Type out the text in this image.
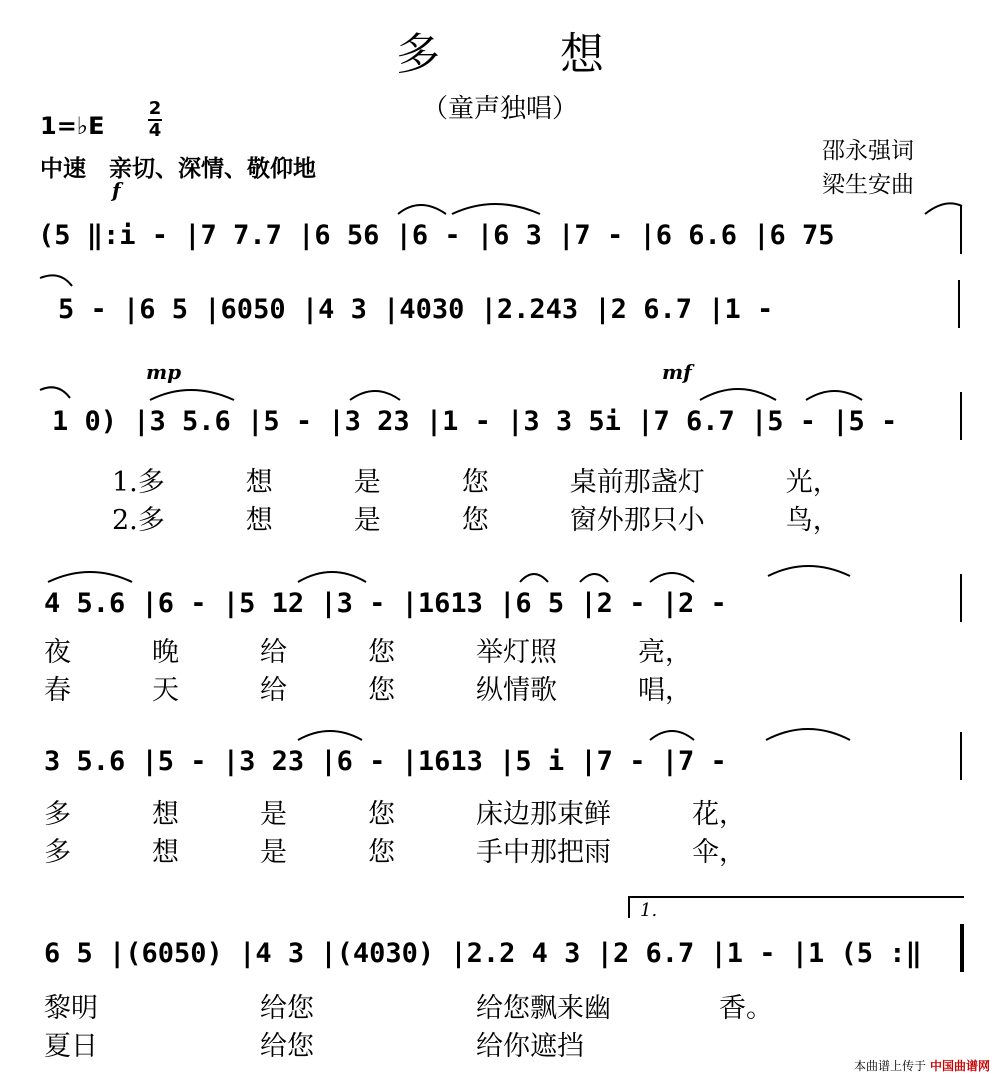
多想
（童声独唱）
1=♭E
2
4
中速　亲切、深情、敬仰地
邵永强词
梁生安曲
f
mp	mf
(5 ‖:i - |7 7.7 |6 56 |6 - |6 3 |7 - |6 6.6 |6 75
5 - |6 5 |6050 |4 3 |4030 |2.243 |2 6.7 |1 -
1 0) |3 5.6 |5 - |3 23 |1 - |3 3 5i |7 6.7 |5 - |5 -
4 5.6 |6 - |5 12 |3 - |1613 |6 5 |2 - |2 -
3 5.6 |5 - |3 23 |6 - |1613 |5 i |7 - |7 -
6 5 |(6050) |4 3 |(4030) |2.2 4 3 |2 6.7 |1 - |1 (5 :‖
1.
1.多　　　想　　　是　　　您　　　桌前那盏灯　　　光，
2.多　　　想　　　是　　　您　　　窗外那只小　　　鸟，
夜　　　晚　　　给　　　您　　　举灯照　　　亮，
春　　　天　　　给　　　您　　　纵情歌　　　唱，
多　　　想　　　是　　　您　　　床边那束鲜　　　花，
多　　　想　　　是　　　您　　　手中那把雨　　　伞，
黎明　　　　　　给您　　　　　　给您飘来幽　　　　香。
夏日　　　　　　给您　　　　　　给你遮挡
本曲谱上传于 中国曲谱网
